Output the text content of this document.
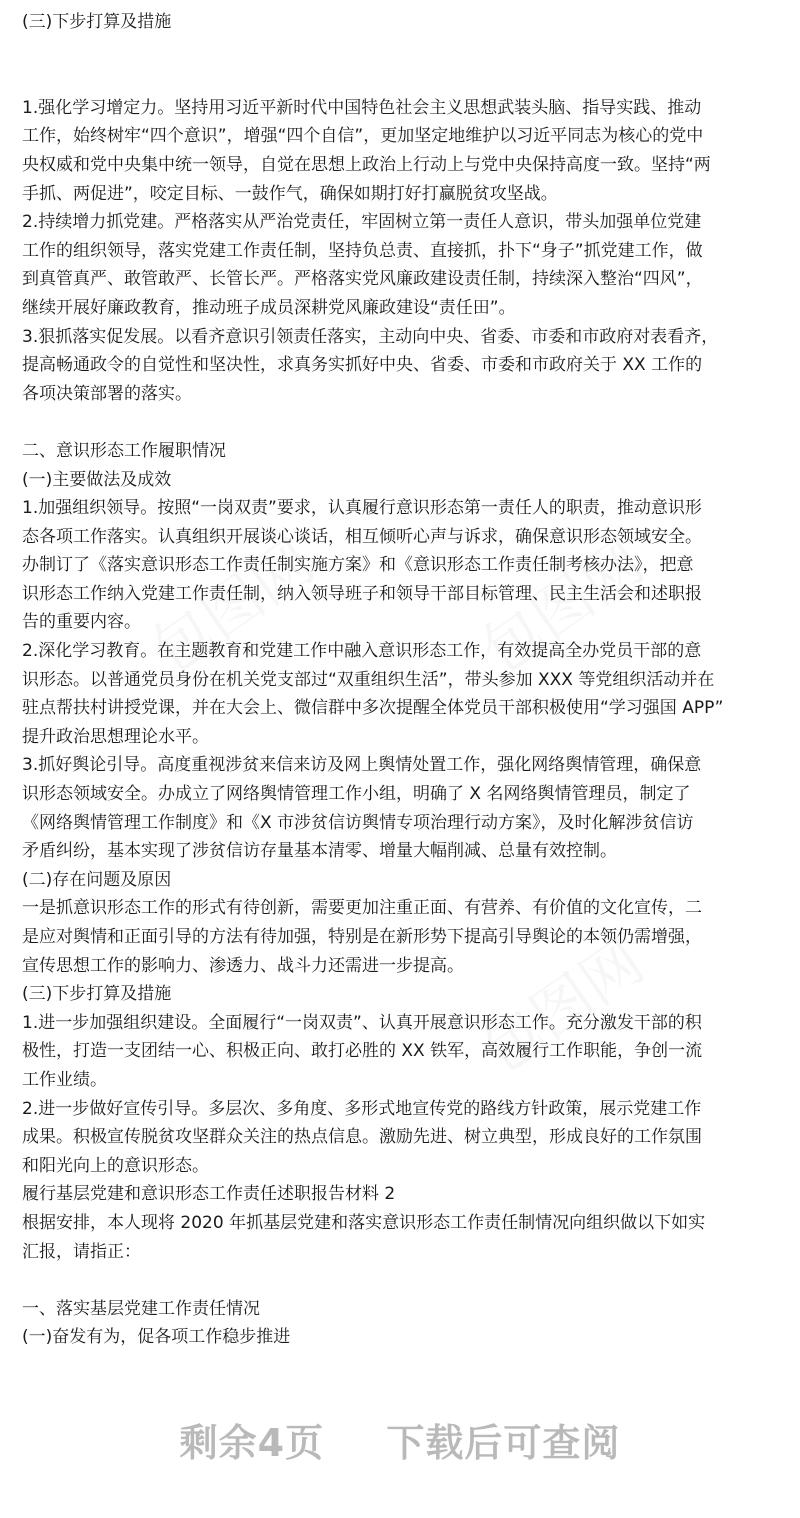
(三)下步打算及措施
1.强化学习增定力。坚持用习近平新时代中国特色社会主义思想武装头脑、指导实践、推动
工作，始终树牢“四个意识”，增强“四个自信”，更加坚定地维护以习近平同志为核心的党中
央权威和党中央集中统一领导，自觉在思想上政治上行动上与党中央保持高度一致。坚持“两
手抓、两促进”，咬定目标、一鼓作气，确保如期打好打赢脱贫攻坚战。
2.持续增力抓党建。严格落实从严治党责任，牢固树立第一责任人意识，带头加强单位党建
工作的组织领导，落实党建工作责任制，坚持负总责、直接抓，扑下“身子”抓党建工作，做
到真管真严、敢管敢严、长管长严。严格落实党风廉政建设责任制，持续深入整治“四风”，
继续开展好廉政教育，推动班子成员深耕党风廉政建设“责任田”。
3.狠抓落实促发展。以看齐意识引领责任落实，主动向中央、省委、市委和市政府对表看齐，
提高畅通政令的自觉性和坚决性，求真务实抓好中央、省委、市委和市政府关于 XX 工作的
各项决策部署的落实。
二、意识形态工作履职情况
(一)主要做法及成效
1.加强组织领导。按照“一岗双责”要求，认真履行意识形态第一责任人的职责，推动意识形
态各项工作落实。认真组织开展谈心谈话，相互倾听心声与诉求，确保意识形态领域安全。
办制订了《落实意识形态工作责任制实施方案》和《意识形态工作责任制考核办法》，把意
识形态工作纳入党建工作责任制，纳入领导班子和领导干部目标管理、民主生活会和述职报
告的重要内容。
2.深化学习教育。在主题教育和党建工作中融入意识形态工作，有效提高全办党员干部的意
识形态。以普通党员身份在机关党支部过“双重组织生活”，带头参加 XXX 等党组织活动并在
驻点帮扶村讲授党课，并在大会上、微信群中多次提醒全体党员干部积极使用“学习强国 APP”
提升政治思想理论水平。
3.抓好舆论引导。高度重视涉贫来信来访及网上舆情处置工作，强化网络舆情管理，确保意
识形态领域安全。办成立了网络舆情管理工作小组，明确了 X 名网络舆情管理员，制定了
《网络舆情管理工作制度》和《X 市涉贫信访舆情专项治理行动方案》，及时化解涉贫信访
矛盾纠纷，基本实现了涉贫信访存量基本清零、增量大幅削减、总量有效控制。
(二)存在问题及原因
一是抓意识形态工作的形式有待创新，需要更加注重正面、有营养、有价值的文化宣传，二
是应对舆情和正面引导的方法有待加强，特别是在新形势下提高引导舆论的本领仍需增强，
宣传思想工作的影响力、渗透力、战斗力还需进一步提高。
(三)下步打算及措施
1.进一步加强组织建设。全面履行“一岗双责”、认真开展意识形态工作。充分激发干部的积
极性，打造一支团结一心、积极正向、敢打必胜的 XX 铁军，高效履行工作职能，争创一流
工作业绩。
2.进一步做好宣传引导。多层次、多角度、多形式地宣传党的路线方针政策，展示党建工作
成果。积极宣传脱贫攻坚群众关注的热点信息。激励先进、树立典型，形成良好的工作氛围
和阳光向上的意识形态。
履行基层党建和意识形态工作责任述职报告材料 2
根据安排，本人现将 2020 年抓基层党建和落实意识形态工作责任制情况向组织做以下如实
汇报，请指正：
一、落实基层党建工作责任情况
(一)奋发有为，促各项工作稳步推进
剩余4页 下载后可查阅
